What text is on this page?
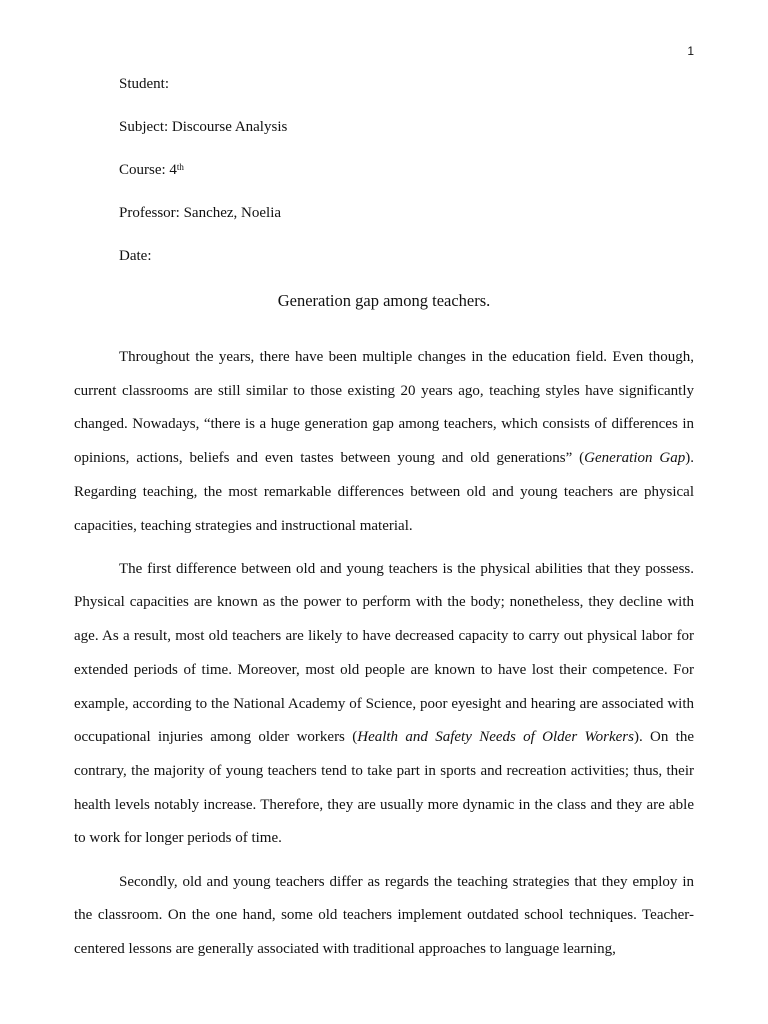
1
Student:
Subject: Discourse Analysis
Course: 4th
Professor: Sanchez, Noelia
Date:
Generation gap among teachers.

Throughout the years, there have been multiple changes in the education field. Even though, current classrooms are still similar to those existing 20 years ago, teaching styles have significantly changed. Nowadays, “there is a huge generation gap among teachers, which consists of differences in opinions, actions, beliefs and even tastes between young and old generations” (Generation Gap). Regarding teaching, the most remarkable differences between old and young teachers are physical capacities, teaching strategies and instructional material.

The first difference between old and young teachers is the physical abilities that they possess. Physical capacities are known as the power to perform with the body; nonetheless, they decline with age. As a result, most old teachers are likely to have decreased capacity to carry out physical labor for extended periods of time. Moreover, most old people are known to have lost their competence. For example, according to the National Academy of Science, poor eyesight and hearing are associated with occupational injuries among older workers (Health and Safety Needs of Older Workers). On the contrary, the majority of young teachers tend to take part in sports and recreation activities; thus, their health levels notably increase. Therefore, they are usually more dynamic in the class and they are able to work for longer periods of time.

Secondly, old and young teachers differ as regards the teaching strategies that they employ in the classroom. On the one hand, some old teachers implement outdated school techniques. Teacher-centered lessons are generally associated with traditional approaches to language learning,
